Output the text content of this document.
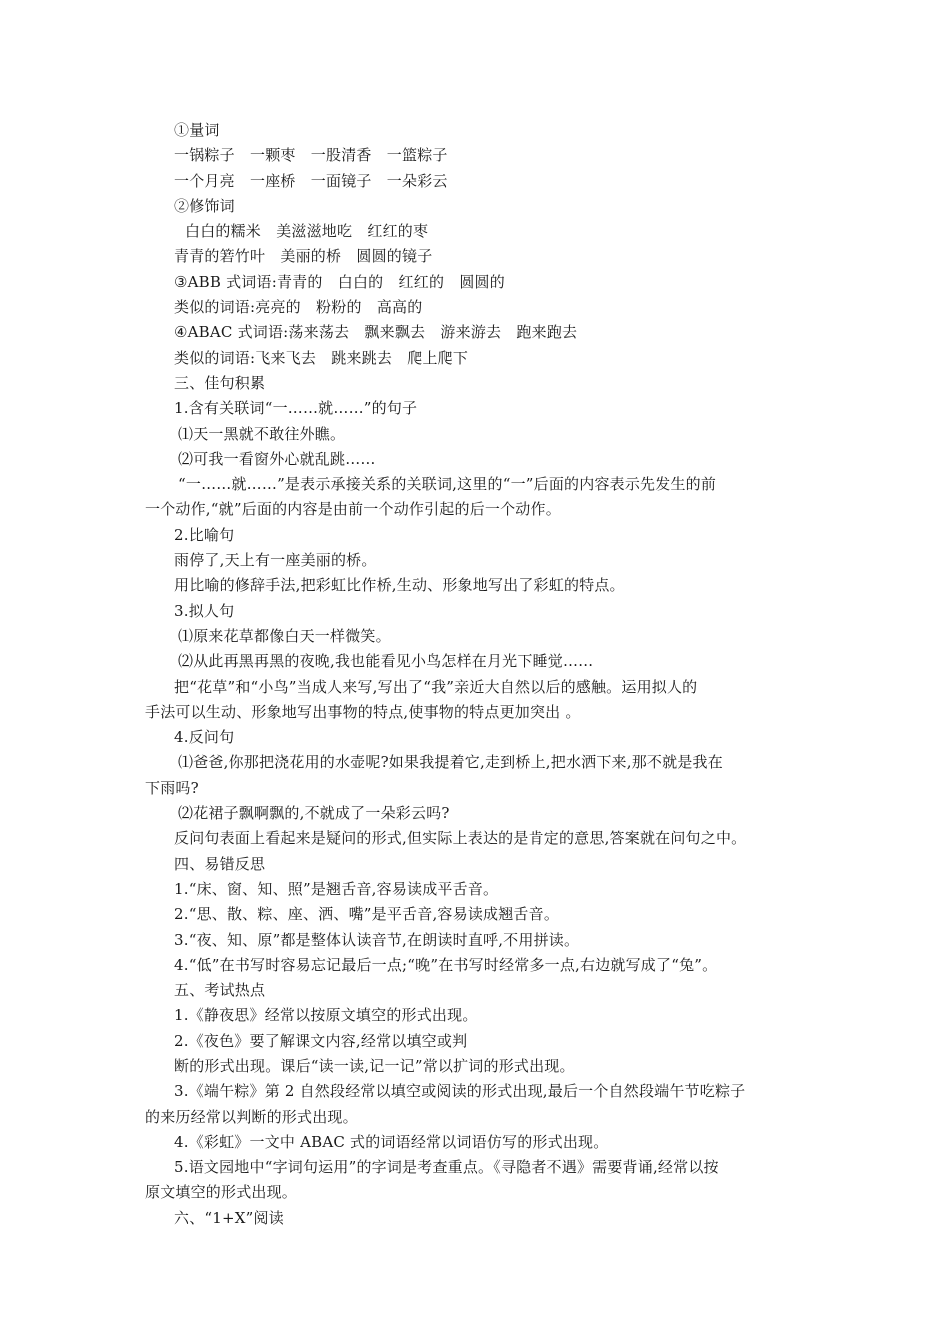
①量词
一锅粽子　一颗枣　一股清香　一篮粽子
一个月亮　一座桥　一面镜子　一朵彩云
②修饰词
白白的糯米　美滋滋地吃　红红的枣
青青的箬竹叶　美丽的桥　圆圆的镜子
③ABB 式词语:青青的　白白的　红红的　圆圆的
类似的词语:亮亮的　粉粉的　高高的
④ABAC 式词语:荡来荡去　飘来飘去　游来游去　跑来跑去
类似的词语:飞来飞去　跳来跳去　爬上爬下
三、佳句积累
1.含有关联词“一……就……”的句子
⑴天一黑就不敢往外瞧。
⑵可我一看窗外心就乱跳……
“一……就……”是表示承接关系的关联词,这里的“一”后面的内容表示先发生的前
一个动作,“就”后面的内容是由前一个动作引起的后一个动作。
2.比喻句
雨停了,天上有一座美丽的桥。
用比喻的修辞手法,把彩虹比作桥,生动、形象地写出了彩虹的特点。
3.拟人句
⑴原来花草都像白天一样微笑。
⑵从此再黑再黑的夜晚,我也能看见小鸟怎样在月光下睡觉……
把“花草”和“小鸟”当成人来写,写出了“我”亲近大自然以后的感触。运用拟人的
手法可以生动、形象地写出事物的特点,使事物的特点更加突出 。
4.反问句
⑴爸爸,你那把浇花用的水壶呢?如果我提着它,走到桥上,把水洒下来,那不就是我在
下雨吗?
⑵花裙子飘啊飘的,不就成了一朵彩云吗?
反问句表面上看起来是疑问的形式,但实际上表达的是肯定的意思,答案就在问句之中。
四、易错反思
1.“床、窗、知、照”是翘舌音,容易读成平舌音。
2.“思、散、粽、座、洒、嘴”是平舌音,容易读成翘舌音。
3.“夜、知、原”都是整体认读音节,在朗读时直呼,不用拼读。
4.“低”在书写时容易忘记最后一点;“晚”在书写时经常多一点,右边就写成了“兔”。
五、考试热点
1.《静夜思》经常以按原文填空的形式出现。
2.《夜色》要了解课文内容,经常以填空或判
断的形式出现。课后“读一读,记一记”常以扩词的形式出现。
3.《端午粽》第 2 自然段经常以填空或阅读的形式出现,最后一个自然段端午节吃粽子
的来历经常以判断的形式出现。
4.《彩虹》一文中 ABAC 式的词语经常以词语仿写的形式出现。
5.语文园地中“字词句运用”的字词是考查重点。《寻隐者不遇》需要背诵,经常以按
原文填空的形式出现。
六、“1+X”阅读
